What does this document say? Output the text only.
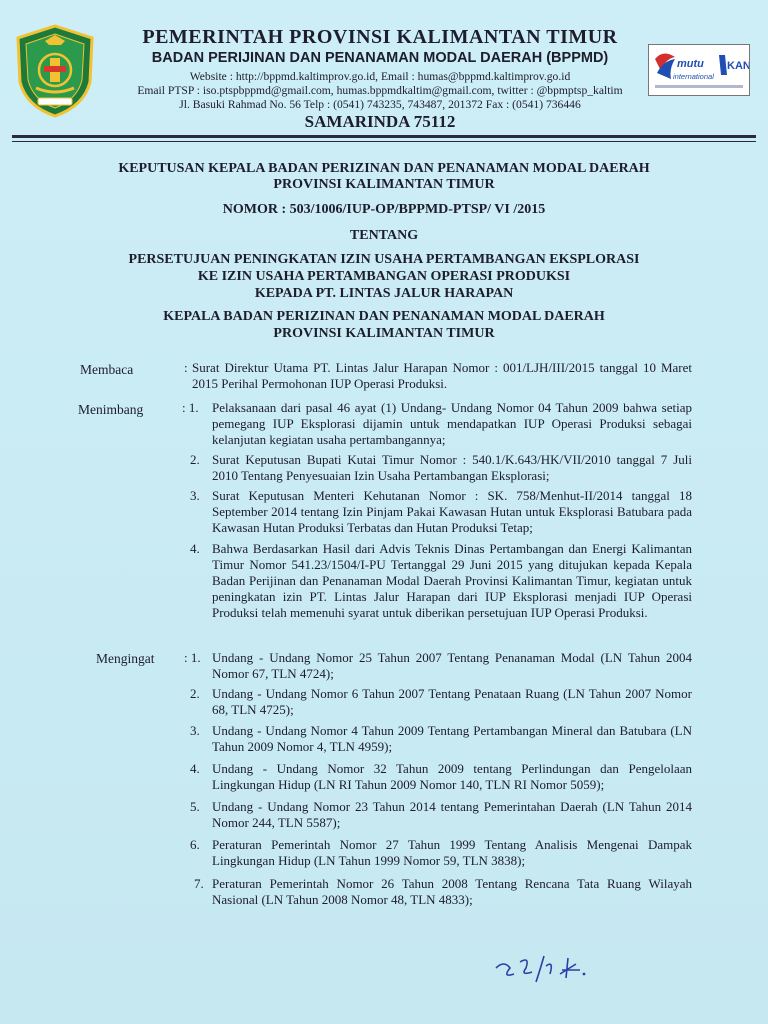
PEMERINTAH PROVINSI KALIMANTAN TIMUR
BADAN PERIJINAN DAN PENANAMAN MODAL DAERAH (BPPMD)
Website : http://bppmd.kaltimprov.go.id, Email : humas@bppmd.kaltimprov.go.id
Email PTSP : iso.ptspbppmd@gmail.com, humas.bppmdkaltim@gmail.com, twitter : @bpmptsp_kaltim
Jl. Basuki Rahmad No. 56 Telp : (0541) 743235, 743487, 201372 Fax : (0541) 736446
SAMARINDA 75112
mutu
international
KAN
KEPUTUSAN KEPALA BADAN PERIZINAN DAN PENANAMAN MODAL DAERAH
PROVINSI KALIMANTAN TIMUR
NOMOR : 503/1006/IUP-OP/BPPMD-PTSP/ VI /2015
TENTANG
PERSETUJUAN PENINGKATAN IZIN USAHA PERTAMBANGAN EKSPLORASI
KE IZIN USAHA PERTAMBANGAN OPERASI PRODUKSI
KEPADA PT. LINTAS JALUR HARAPAN
KEPALA BADAN PERIZINAN DAN PENANAMAN MODAL DAERAH
PROVINSI KALIMANTAN TIMUR
Membaca	: Surat Direktur Utama PT. Lintas Jalur Harapan Nomor : 001/LJH/III/2015 tanggal 10 Maret 2015 Perihal Permohonan IUP Operasi Produksi.
Menimbang	: 1. Pelaksanaan dari pasal 46 ayat (1) Undang- Undang Nomor 04 Tahun 2009 bahwa setiap pemegang IUP Eksplorasi dijamin untuk mendapatkan IUP Operasi Produksi sebagai kelanjutan kegiatan usaha pertambangannya;
2. Surat Keputusan Bupati Kutai Timur Nomor : 540.1/K.643/HK/VII/2010 tanggal 7 Juli 2010 Tentang Penyesuaian Izin Usaha Pertambangan Eksplorasi;
3. Surat Keputusan Menteri Kehutanan Nomor : SK. 758/Menhut-II/2014 tanggal 18 September 2014 tentang Izin Pinjam Pakai Kawasan Hutan untuk Eksplorasi Batubara pada Kawasan Hutan Produksi Terbatas dan Hutan Produksi Tetap;
4. Bahwa Berdasarkan Hasil dari Advis Teknis Dinas Pertambangan dan Energi Kalimantan Timur Nomor 541.23/1504/I-PU Tertanggal 29 Juni 2015 yang ditujukan kepada Kepala Badan Perijinan dan Penanaman Modal Daerah Provinsi Kalimantan Timur, kegiatan untuk peningkatan izin PT. Lintas Jalur Harapan dari IUP Eksplorasi menjadi IUP Operasi Produksi telah memenuhi syarat untuk diberikan persetujuan IUP Operasi Produksi.
Mengingat : 1. Undang - Undang Nomor 25 Tahun 2007 Tentang Penanaman Modal (LN Tahun 2004 Nomor 67, TLN 4724);
2. Undang - Undang Nomor 6 Tahun 2007 Tentang Penataan Ruang (LN Tahun 2007 Nomor 68, TLN 4725);
3. Undang - Undang Nomor 4 Tahun 2009 Tentang Pertambangan Mineral dan Batubara (LN Tahun 2009 Nomor 4, TLN 4959);
4. Undang - Undang Nomor 32 Tahun 2009 tentang Perlindungan dan Pengelolaan Lingkungan Hidup (LN RI Tahun 2009 Nomor 140, TLN RI Nomor 5059);
5. Undang - Undang Nomor 23 Tahun 2014 tentang Pemerintahan Daerah (LN Tahun 2014 Nomor 244, TLN 5587);
6. Peraturan Pemerintah Nomor 27 Tahun 1999 Tentang Analisis Mengenai Dampak Lingkungan Hidup (LN Tahun 1999 Nomor 59, TLN 3838);
7. Peraturan Pemerintah Nomor 26 Tahun 2008 Tentang Rencana Tata Ruang Wilayah Nasional (LN Tahun 2008 Nomor 48, TLN 4833);
